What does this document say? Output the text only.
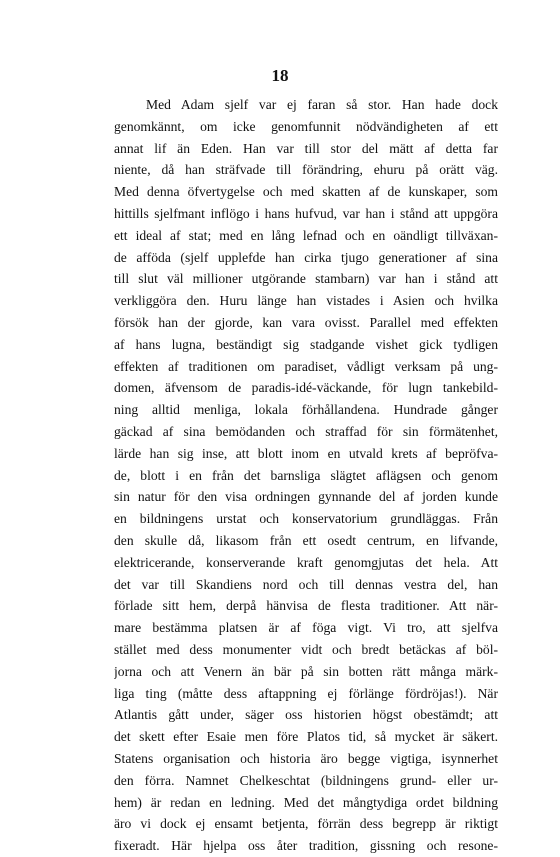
18
Med Adam sjelf var ej faran så stor. Han hade dock
genomkännt, om icke genomfunnit nödvändigheten af ett
annat lif än Eden. Han var till stor del mätt af detta far
niente, då han sträfvade till förändring, ehuru på orätt väg.
Med denna öfvertygelse och med skatten af de kunskaper, som
hittills sjelfmant inflögo i hans hufvud, var han i stånd att uppgöra
ett ideal af stat; med en lång lefnad och en oändligt tillväxan-
de afföda (sjelf upplefde han cirka tjugo generationer af sina
till slut väl millioner utgörande stambarn) var han i stånd att
verkliggöra den. Huru länge han vistades i Asien och hvilka
försök han der gjorde, kan vara ovisst. Parallel med effekten
af hans lugna, beständigt sig stadgande vishet gick tydligen
effekten af traditionen om paradiset, vådligt verksam på ung-
domen, äfvensom de paradis-idé-väckande, för lugn tankebild-
ning alltid menliga, lokala förhållandena. Hundrade gånger
gäckad af sina bemödanden och straffad för sin förmätenhet,
lärde han sig inse, att blott inom en utvald krets af bepröfva-
de, blott i en från det barnsliga slägtet aflägsen och genom
sin natur för den visa ordningen gynnande del af jorden kunde
en bildningens urstat och konservatorium grundläggas. Från
den skulle då, likasom från ett osedt centrum, en lifvande,
elektricerande, konserverande kraft genomgjutas det hela. Att
det var till Skandiens nord och till dennas vestra del, han
förlade sitt hem, derpå hänvisa de flesta traditioner. Att när-
mare bestämma platsen är af föga vigt. Vi tro, att sjelfva
stället med dess monumenter vidt och bredt betäckas af böl-
jorna och att Venern än bär på sin botten rätt många märk-
liga ting (måtte dess aftappning ej förlänge fördröjas!). När
Atlantis gått under, säger oss historien högst obestämdt; att
det skett efter Esaie men före Platos tid, så mycket är säkert.
Statens organisation och historia äro begge vigtiga, isynnerhet
den förra. Namnet Chelkeschtat (bildningens grund- eller ur-
hem) är redan en ledning. Med det mångtydiga ordet bildning
äro vi dock ej ensamt betjenta, förrän dess begrepp är riktigt
fixeradt. Här hjelpa oss åter tradition, gissning och resone-
